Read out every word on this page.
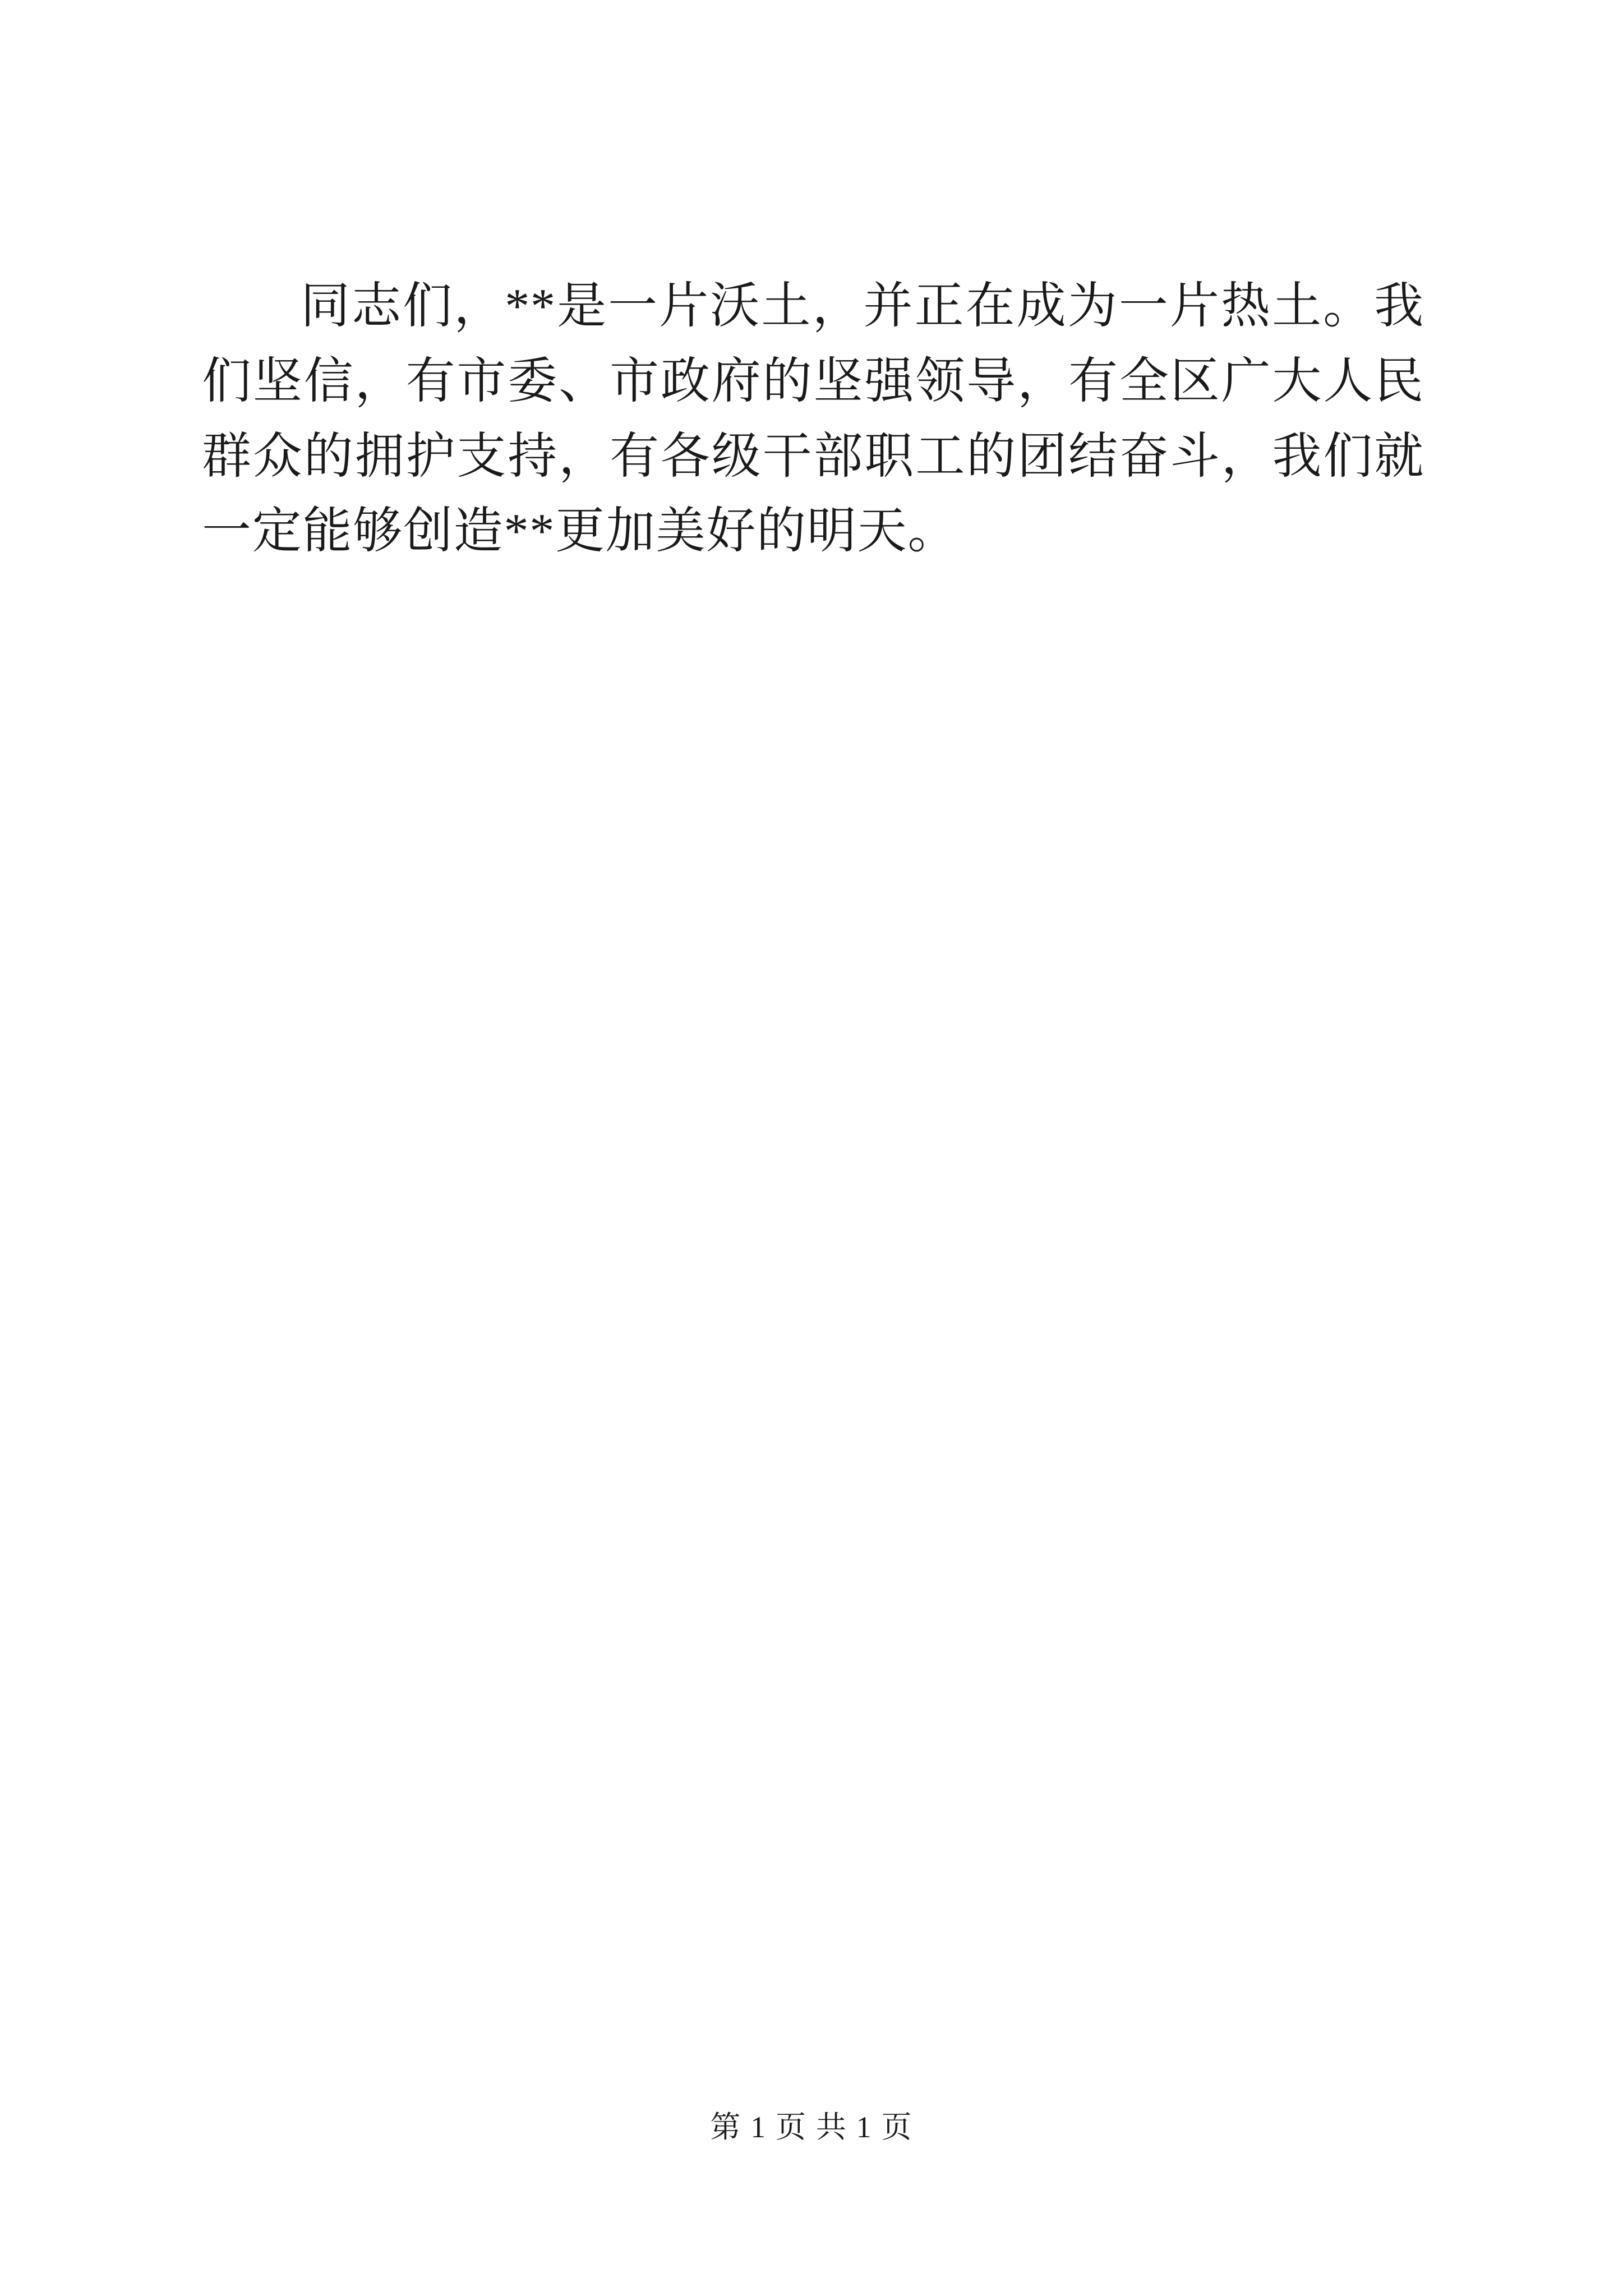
同志们，**是一片沃土，并正在成为一片热土。我们坚信，有市委、市政府的坚强领导，有全区广大人民群众的拥护支持，有各级干部职工的团结奋斗，我们就一定能够创造**更加美好的明天。

第 1 页 共 1 页
